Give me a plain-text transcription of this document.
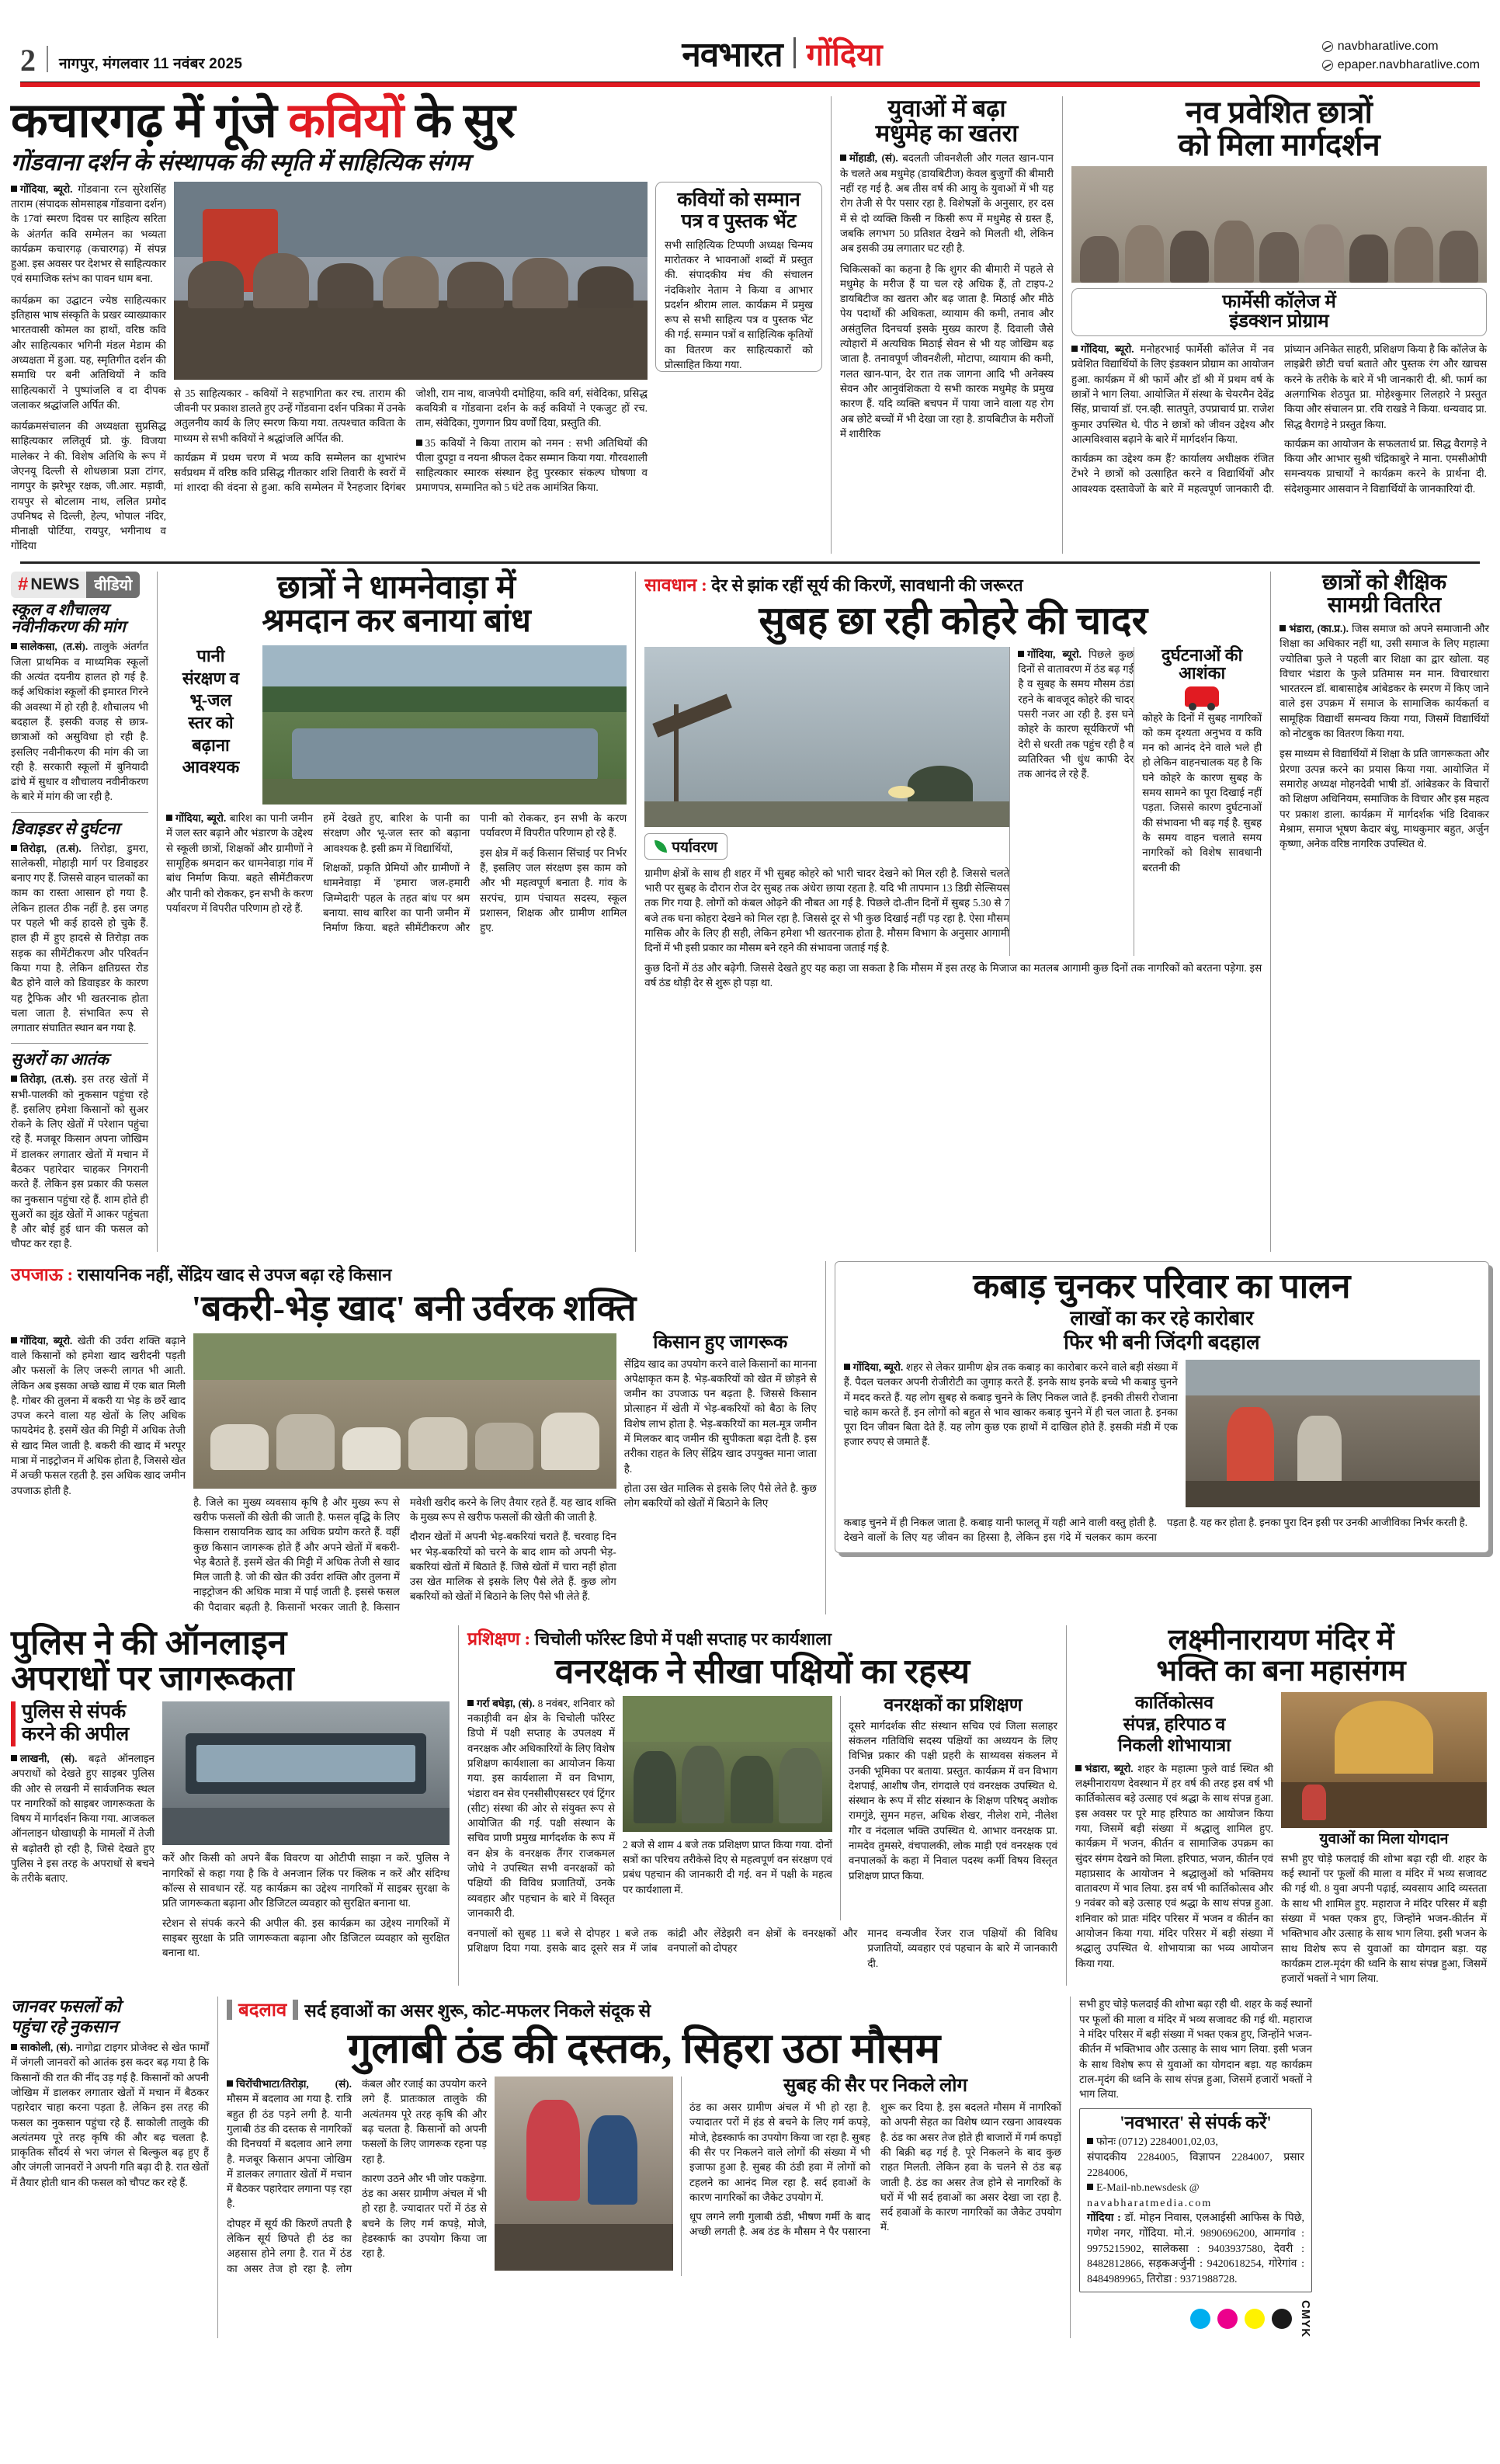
2 नागपुर, मंगलवार 11 नवंबर 2025	नवभारत गोंदिया	navbharatlive.com
epaper.navbharatlive.com
कचारगढ़ में गूंजे कवियों के सुर
गोंडवाना दर्शन के संस्थापक की स्मृति में साहित्यिक संगम

गोंदिया, ब्यूरो. गोंडवाना रत्न सुरेशसिंह ताराम (संपादक सोमसाहब गोंडवाना दर्शन) के 17वां स्मरण दिवस पर साहित्य सरिता के अंतर्गत कवि सम्मेलन का भव्यता कार्यक्रम कचारगढ़ (कचारगढ़) में संपन्न हुआ. इस अवसर पर देशभर से साहित्यकार एवं समाजिक स्तंभ का पावन धाम बना.

कार्यक्रम का उद्घाटन ज्येष्ठ साहित्यकार इतिहास भाष संस्कृति के प्रखर व्याख्याकार भारतवासी कोमल का हाथों, वरिष्ठ कवि और साहित्यकार भगिनी मंडल मेडाम की अध्यक्षता में हुआ. यह, स्मृतिगीत दर्शन की समाधि पर बनी अतिथियों ने कवि साहित्यकारों ने पुष्पांजलि व दा दीपक जलाकर श्रद्धांजलि अर्पित की.

कार्यक्रमसंचालन की अध्यक्षता सुप्रसिद्ध साहित्यकार ललितूर्य प्रो. कुं. विजया मालेकर ने की. विशेष अतिथि के रूप में जेएनयू दिल्ली से शोधछात्रा प्रज्ञा टांगर, नागपुर के झरेभूर रक्षक, जी.आर. मड़ावी, रायपुर से बोटलाम नाथ, ललित प्रमोद उपनिषद से दिल्ली, हेल्प, भोपाल नंदिर, मीनाक्षी पोर्टिया, रायपुर, भगीनाथ व गोंदिया

से 35 साहित्यकार - कवियों ने सहभागिता कर रच. ताराम की जीवनी पर प्रकाश डालते हुए उन्हें गोंडवाना दर्शन पत्रिका में उनके अतुलनीय कार्य के लिए स्मरण किया गया. तत्पश्चात कविता के माध्यम से सभी कवियों ने श्रद्धांजलि अर्पित की.

कार्यक्रम में प्रथम चरण में भव्य कवि सम्मेलन का शुभारंभ सर्वप्रथम में वरिष्ठ कवि प्रसिद्ध गीतकार शशि तिवारी के स्वरों में मां शारदा की वंदना से हुआ. कवि सम्मेलन में रैनहजार दिगंबर जोशी, राम नाथ, वाजपेयी दमोहिया, कवि वर्ग, संवेदिका, प्रसिद्ध कवयित्री व गोंडवाना दर्शन के कई कवियों ने एकजुट हों रच. ताम, संवेदिका, गुणगान प्रिय वर्णों दिया, प्रस्तुति की.

35 कवियों ने किया ताराम को नमन : सभी अतिथियों की पीला दुपट्टा व नयना श्रीफल देकर सम्मान किया गया. गौरवशाली साहित्यकार स्मारक संस्थान हेतु पुरस्कार संकल्प घोषणा व प्रमाणपत्र, सम्मानित को 5 घंटे तक आमंत्रित किया.

कवियों को सम्मान
पत्र व पुस्तक भेंट
सभी साहित्यिक टिप्पणी अध्यक्ष चिन्मय मारोतकर ने भावनाओं शब्दों में प्रस्तुत की. संपादकीय मंच की संचालन नंदकिशोर नेताम ने किया व आभार प्रदर्शन श्रीराम लाल. कार्यक्रम में प्रमुख रूप से सभी साहित्य पत्र व पुस्तक भेंट की गई. सम्मान पत्रों व साहित्यिक कृतियों का वितरण कर साहित्यकारों को प्रोत्साहित किया गया.
युवाओं में बढ़ा
मधुमेह का खतरा

मोंहाडी, (सं). बदलती जीवनशैली और गलत खान-पान के चलते अब मधुमेह (डायबिटीज) केवल बुजुर्गों की बीमारी नहीं रह गई है. अब तीस वर्ष की आयु के युवाओं में भी यह रोग तेजी से पैर पसार रहा है. विशेषज्ञों के अनुसार, हर दस में से दो व्यक्ति किसी न किसी रूप में मधुमेह से ग्रस्त हैं, जबकि लगभग 50 प्रतिशत देखने को मिलती थी, लेकिन अब इसकी उम्र लगातार घट रही है.

चिकित्सकों का कहना है कि शुगर की बीमारी में पहले से मधुमेह के मरीज हैं या चल रहे अधिक हैं, तो टाइप-2 डायबिटीज का खतरा और बढ़ जाता है. मिठाई और मीठे पेय पदार्थों की अधिकता, व्यायाम की कमी, तनाव और असंतुलित दिनचर्या इसके मुख्य कारण हैं. दिवाली जैसे त्योहारों में अत्यधिक मिठाई सेवन से भी यह जोखिम बढ़ जाता है. तनावपूर्ण जीवनशैली, मोटापा, व्यायाम की कमी, गलत खान-पान, देर रात तक जागना आदि भी अनेक्स्य सेवन और आनुवंशिकता ये सभी कारक मधुमेह के प्रमुख कारण हैं. यदि व्यक्ति बचपन में पाया जाने वाला यह रोग अब छोटे बच्चों में भी देखा जा रहा है. डायबिटीज के मरीजों में शारीरिक

नव प्रवेशित छात्रों
को मिला मार्गदर्शन
फार्मेसी कॉलेज में
इंडक्शन प्रोग्राम

गोंदिया, ब्यूरो. मनोहरभाई फार्मेसी कॉलेज में नव प्रवेशित विद्यार्थियों के लिए इंडक्शन प्रोग्राम का आयोजन हुआ. कार्यक्रम में श्री फार्मे और डॉ श्री में प्रथम वर्ष के छात्रों ने भाग लिया. आयोजित में संस्था के चेयरमैन देवेंद्र सिंह, प्राचार्या डॉ. एन.व्ही. सातपुते, उपप्राचार्य प्रा. राजेश कुमार उपस्थित थे. पीठ ने छात्रों को जीवन उद्देश्य और आत्मविश्वास बढ़ाने के बारे में मार्गदर्शन किया.

कार्यक्रम का उद्देश्य कम हैं? कार्यालय अधीक्षक रंजित टेंभरे ने छात्रों को उत्साहित करने व विद्यार्थियों और आवश्यक दस्तावेजों के बारे में महत्वपूर्ण जानकारी दी. प्रांघ्यान अनिकेत साहरी, प्रशिक्षण किया है कि कॉलेज के लाइब्रेरी छोटी चर्चा बताते और पुस्तक रंग और खाचस करने के तरीके के बारे में भी जानकारी दी. श्री. फार्म का अलगाभिक शेठपुत प्रा. मोहेश्कुमार लिलहारे ने प्रस्तुत किया और संचालन प्रा. रवि राखडे ने किया. धन्यवाद प्रा. सिद्ध वैरागड़े ने प्रस्तुत किया.

कार्यक्रम का आयोजन के सफलतार्थ प्रा. सिद्ध वैरागड़े ने किया और आभार सुश्री चंद्रिकाबुरे ने माना. एमसीओपी समन्वयक प्राचार्यों ने कार्यक्रम करने के प्रार्थना दी. संदेशकुमार आसवान ने विद्यार्थियों के जानकारियां दी.

# NEWS वीडियो
स्कूल व शौचालय
नवीनीकरण की मांग

सालेकसा, (त.सं). तालुके अंतर्गत जिला प्राथमिक व माध्यमिक स्कूलों की अत्यंत दयनीय हालत हो गई है. कई अधिकांश स्कूलों की इमारत गिरने की अवस्था में हो रही है. शौचालय भी बदहाल हैं. इसकी वजह से छात्र-छात्राओं को असुविधा हो रही है. इसलिए नवीनीकरण की मांग की जा रही है. सरकारी स्कूलों में बुनियादी ढांचे में सुधार व शौचालय नवीनीकरण के बारे में मांग की जा रही है.

डिवाइडर से दुर्घटना

तिरोड़ा, (त.सं). तिरोड़ा, डुमरा, सालेकसी, मोहाड़ी मार्ग पर डिवाइडर बनाए गए हैं. जिससे वाहन चालकों का काम का रास्ता आसान हो गया है. लेकिन हालत ठीक नहीं है. इस जगह पर पहले भी कई हादसे हो चुके हैं. हाल ही में हुए हादसे से तिरोड़ा तक सड़क का सीमेंटीकरण और परिवर्तन किया गया है. लेकिन क्षतिग्रस्त रोड बैठ होने वाले को डिवाइडर के कारण यह ट्रैफिक और भी खतरनाक होता चला जाता है. संभावित रूप से लगातार संघातित स्थान बन गया है.

सुअरों का आतंक

तिरोड़ा, (त.सं). इस तरह खेतों में सभी-पालकी को नुकसान पहुंचा रहे हैं. इसलिए हमेशा किसानों को सुअर रोकने के लिए खेतों में परेशान पहुंचा रहे हैं. मजबूर किसान अपना जोखिम में डालकर लगातार खेतों में मचान में बैठकर पहारेदार चाहकर निगरानी करते हैं. लेकिन इस प्रकार की फसल का नुकसान पहुंचा रहे हैं. शाम होते ही सुअरों का झुंड खेतों में आकर पहुंचता है और बोई हुई धान की फसल को चौपट कर रहा है.

छात्रों ने धामनेवाड़ा में
श्रमदान कर बनाया बांध
पानी
संरक्षण व
भू-जल
स्तर को
बढ़ाना
आवश्यक

गोंदिया, ब्यूरो. बारिश का पानी जमीन में जल स्तर बढ़ाने और भंडारण के उद्देश्य से स्कूली छात्रों, शिक्षकों और ग्रामीणों ने सामूहिक श्रमदान कर धामनेवाड़ा गांव में बांध निर्माण किया. बहते सीमेंटीकरण और पानी को रोककर, इन सभी के करण पर्यावरण में विपरीत परिणाम हो रहे हैं.

हमें देखते हुए, बारिश के पानी का संरक्षण और भू-जल स्तर को बढ़ाना आवश्यक है. इसी क्रम में विद्यार्थियों,

शिक्षकों, प्रकृति प्रेमियों और ग्रामीणों ने धामनेवाड़ा में 'हमारा जल-हमारी जिम्मेदारी' पहल के तहत बांध पर श्रम बनाया. साथ बारिश का पानी जमीन में निर्माण किया. बहते सीमेंटीकरण और पानी को रोककर, इन सभी के करण पर्यावरण में विपरीत परिणाम हो रहे हैं.

इस क्षेत्र में कई किसान सिंचाई पर निर्भर हैं, इसलिए जल संरक्षण इस काम को और भी महत्वपूर्ण बनाता है. गांव के सरपंच, ग्राम पंचायत सदस्य, स्कूल प्रशासन, शिक्षक और ग्रामीण शामिल हुए.

सावधान : देर से झांक रहीं सूर्य की किरणें, सावधानी की जरूरत
सुबह छा रही कोहरे की चादर
पर्यावरण

ग्रामीण क्षेत्रों के साथ ही शहर में भी सुबह कोहरे को भारी चादर देखने को मिल रही है. जिससे चलते भारी पर सुबह के दौरान रोज देर सुबह तक अंधेरा छाया रहता है. यदि भी तापमान 13 डिग्री सेल्सियस तक गिर गया है. लोगों को कंबल ओढ़ने की नौबत आ गई है. पिछले दो-तीन दिनों में सुबह 5.30 से 7 बजे तक घना कोहरा देखने को मिल रहा है. जिससे दूर से भी कुछ दिखाई नहीं पड़ रहा है. ऐसा मौसम मासिक और के लिए ही सही, लेकिन हमेशा भी खतरनाक होता है. मौसम विभाग के अनुसार आगामी दिनों में भी इसी प्रकार का मौसम बने रहने की संभावना जताई गई है.

गोंदिया, ब्यूरो. पिछले कुछ दिनों से वातावरण में ठंड बढ़ गई है व सुबह के समय मौसम ठंडा रहने के बावजूद कोहरे की चादर पसरी नजर आ रही है. इस घने कोहरे के कारण सूर्यकिरणें भी देरी से धरती तक पहुंच रही है व व्यतिरिक्त भी धुंध काफी देर तक आनंद ले रहे हैं.

दुर्घटनाओं की आशंका
कोहरे के दिनों में सुबह नागरिकों को कम दृश्यता अनुभव व कवि मन को आनंद देने वाले भले ही हो लेकिन वाहनचालक यह है कि घने कोहरे के कारण सुबह के समय सामने का पूरा दिखाई नहीं पड़ता. जिससे कारण दुर्घटनाओं की संभावना भी बढ़ गई है. सुबह के समय वाहन चलाते समय नागरिकों को विशेष सावधानी बरतनी की
कुछ दिनों में ठंड और बढ़ेगी. जिससे देखते हुए यह कहा जा सकता है कि मौसम में इस तरह के मिजाज का मतलब आगामी कुछ दिनों तक नागरिकों को बरतना पड़ेगा. इस वर्ष ठंड थोड़ी देर से शुरू हो पड़ा था.
छात्रों को शैक्षिक
सामग्री वितरित

भंडारा, (का.प्र.). जिस समाज को अपने समाजानी और शिक्षा का अधिकार नहीं था, उसी समाज के लिए महात्मा ज्योतिबा फुले ने पहली बार शिक्षा का द्वार खोला. यह विचार भंडारा के फुले प्रतिमास मन मान. विचारधारा भारतरत्न डॉ. बाबासाहेब आंबेडकर के स्मरण में किए जाने वाले इस उपक्रम में समाज के सामाजिक कार्यकर्ता व सामूहिक विद्यार्थी समन्वय किया गया, जिसमें विद्यार्थियों को नोटबुक का वितरण किया गया.

इस माध्यम से विद्यार्थियों में शिक्षा के प्रति जागरूकता और प्रेरणा उत्पन्न करने का प्रयास किया गया. आयोजित में समारोह अध्यक्ष मोहनदेवी भाषी डॉ. आंबेडकर के विचारों को शिक्षण अधिनियम, समाजिक के विचार और इस महत्व पर प्रकाश डाला. कार्यक्रम में मार्गदर्शक भंडि दिवाकर मेश्राम, समाज भूषण केदार बंधु, माथकुमार बहुत, अर्जुन कृष्णा, अनेक वरिष्ठ नागरिक उपस्थित थे.

उपजाऊ : रासायनिक नहीं, सेंद्रिय खाद से उपज बढ़ा रहे किसान
'बकरी-भेड़ खाद' बनी उर्वरक शक्ति

गोंदिया, ब्यूरो. खेती की उर्वरा शक्ति बढ़ाने वाले किसानों को हमेशा खाद खरीदनी पड़ती और फसलों के लिए जरूरी लागत भी आती. लेकिन अब इसका अच्छे खाद्य में एक बात मिली है. गोबर की तुलना में बकरी या भेड़ के छर्रे खाद उपज करने वाला यह खेतों के लिए अधिक फायदेमंद है. इसमें खेत की मिट्टी में अधिक तेजी से खाद मिल जाती है. बकरी की खाद में भरपूर मात्रा में नाइट्रोजन में अधिक होता है, जिससे खेत में अच्छी फसल रहती है. इस अधिक खाद जमीन उपजाऊ होती है.

है. जिले का मुख्य व्यवसाय कृषि है और मुख्य रूप से खरीफ फसलों की खेती की जाती है. फसल वृद्धि के लिए किसान रासायनिक खाद का अधिक प्रयोग करते हैं. वहीं कुछ किसान जागरूक होते हैं और अपने खेतों में बकरी-भेड़ बैठाते हैं. इसमें खेत की मिट्टी में अधिक तेजी से खाद मिल जाती है. जो की खेत की उर्वरा शक्ति और तुलना में नाइट्रोजन की अधिक मात्रा में पाई जाती है. इससे फसल की पैदावार बढ़ती है. किसानों भरकर जाती है. किसान मवेशी खरीद करने के लिए तैयार रहते हैं. यह खाद शक्ति के मुख्य रूप से खरीफ फसलों की खेती की जाती है.

दौरान खेतों में अपनी भेड़-बकरियां चराते हैं. चरवाह दिन भर भेड़-बकरियों को चरने के बाद शाम को अपनी भेड़-बकरियां खेतों में बिठाते हैं. जिसे खेतों में चारा नहीं होता उस खेत मालिक से इसके लिए पैसे लेते हैं. कुछ लोग बकरियों को खेतों में बिठाने के लिए पैसे भी लेते हैं.

किसान हुए जागरूक
सेंद्रिय खाद का उपयोग करने वाले किसानों का मानना अपेक्षाकृत कम है. भेड़-बकरियों को खेत में छोड़ने से जमीन का उपजाऊ पन बढ़ता है. जिससे किसान प्रोत्साहन में खेती में भेड़-बकरियों को बैठा के लिए विशेष लाभ होता है. भेड़-बकरियों का मल-मूत्र जमीन में मिलकर बाद जमीन की सुपीकता बढ़ा देती है. इस तरीका राहत के लिए सेंद्रिय खाद उपयुक्त माना जाता है.
होता उस खेत मालिक से इसके लिए पैसे लेते है. कुछ लोग बकरियों को खेतों में बिठाने के लिए
कबाड़ चुनकर परिवार का पालन
लाखों का कर रहे कारोबार
फिर भी बनी जिंदगी बदहाल

गोंदिया, ब्यूरो. शहर से लेकर ग्रामीण क्षेत्र तक कबाड़ का कारोबार करने वाले बड़ी संख्या में हैं. पैदल चलकर अपनी रोजीरोटी का जुगाड़ करते हैं. इनके साथ इनके बच्चे भी कबाड़ु चुनने में मदद करते हैं. यह लोग सुबह से कबाड़ चुनने के लिए निकल जाते हैं. इनकी तीसरी रोजाना चाहे काम करते हैं. इन लोगों को बहुत से भाव खाकर कबाड़ चुनने में ही चल जाता है. इनका पूरा दिन जीवन बिता देते हैं. यह लोग कुछ एक हाथों में दाखिल होते हैं. इसकी मंडी में एक हजार रुपए से जमाते हैं.

कबाड़ चुनने में ही निकल जाता है. कबाड़ यानी फालतू में यही आने वाली वस्तु होती है. देखने वालों के लिए यह जीवन का हिस्सा है, लेकिन इस गंदे में चलकर काम करना पड़ता है. यह कर होता है. इनका पुरा दिन इसी पर उनकी आजीविका निर्भर करती है.

पुलिस ने की ऑनलाइन
अपराधों पर जागरूकता
पुलिस से संपर्क
करने की अपील

लाखनी, (सं). बढ़ते ऑनलाइन अपराधों को देखते हुए साइबर पुलिस की ओर से लखनी में सार्वजनिक स्थल पर नागरिकों को साइबर जागरूकता के विषय में मार्गदर्शन किया गया. आजकल ऑनलाइन धोखाधड़ी के मामलों में तेजी से बढ़ोतरी हो रही है, जिसे देखते हुए पुलिस ने इस तरह के अपराधों से बचने के तरीके बताए.

करें और किसी को अपने बैंक विवरण या ओटीपी साझा न करें. पुलिस ने नागरिकों से कहा गया है कि वे अनजान लिंक पर क्लिक न करें और संदिग्ध कॉल्स से सावधान रहें. यह कार्यक्रम का उद्देश्य नागरिकों में साइबर सुरक्षा के प्रति जागरूकता बढ़ाना और डिजिटल व्यवहार को सुरक्षित बनाना था.
स्टेशन से संपर्क करने की अपील की. इस कार्यक्रम का उद्देश्य नागरिकों में साइबर सुरक्षा के प्रति जागरूकता बढ़ाना और डिजिटल व्यवहार को सुरक्षित बनाना था.
प्रशिक्षण : चिचोली फॉरेस्ट डिपो में पक्षी सप्ताह पर कार्यशाला
वनरक्षक ने सीखा पक्षियों का रहस्य

गर्रा बघेड़ा, (सं). 8 नवंबर, शनिवार को नकाड़ीवी वन क्षेत्र के चिचोली फॉरेस्ट डिपो में पक्षी सप्ताह के उपलक्ष्य में वनरक्षक और अधिकारियों के लिए विशेष प्रशिक्षण कार्यशाला का आयोजन किया गया. इस कार्यशाला में वन विभाग, भंडारा वन सेव एनसीसीएसस्टर एवं ट्रिंगर (सीट) संस्था की ओर से संयुक्त रूप से आयोजित की गई. पक्षी संस्थान के सचिव प्राणी प्रमुख मार्गदर्शक के रूप में वन क्षेत्र के वनरक्षक तैंगर राजकमल जोधे ने उपस्थित सभी वनरक्षकों को पक्षियों की विविध प्रजातियों, उनके व्यवहार और पहचान के बारे में विस्तृत जानकारी दी.

2 बजे से शाम 4 बजे तक प्रशिक्षण प्राप्त किया गया. दोनों सत्रों का परिचय तरीकेसे दिए से महत्वपूर्ण वन संरक्षण एवं प्रबंध पहचान की जानकारी दी गई. वन में पक्षी के महत्व पर कार्यशाला में.
वनरक्षकों का प्रशिक्षण
दूसरे मार्गदर्शक सीट संस्थान सचिव एवं जिला सलाहर संकलन गतिविधि सदस्य पक्षियों का अध्ययन के लिए विभिन्न प्रकार की पक्षी प्रहरी के साथ्यवस संकलन में उनकी भूमिका पर बताया. प्रस्तुत. कार्यक्रम में वन विभाग देशपाई, आशीष जैन, रांगदाले एवं वनरक्षक उपस्थित थे. संस्थान के रूप में सीट संस्थान के शिक्षण परिषद् अशोक रामगुंडे, सुमन महत्त, अधिक शेखर, नीलेश रामे, नीलेश गौर व नंदलाल भक्ति उपस्थित थे. आभार वनरक्षक प्रा. नामदेव तुमसरे, वंचपालकी, लोक माड़ी एवं वनरक्षक एवं वनपालकों के कहा में निवाल पदस्थ कर्मी विषय विस्तृत प्रशिक्षण प्राप्त किया.

वनपालों को सुबह 11 बजे से दोपहर 1 बजे तक प्रशिक्षण दिया गया. इसके बाद दूसरे सत्र में जांब कांद्री और लेंडेझरी वन क्षेत्रों के वनरक्षकों और वनपालों को दोपहर

मानद वन्यजीव रेंजर राज पक्षियों की विविध प्रजातियों, व्यवहार एवं पहचान के बारे में जानकारी दी.

लक्ष्मीनारायण मंदिर में
भक्ति का बना महासंगम
कार्तिकोत्सव
संपन्न, हरिपाठ व
निकली शोभायात्रा

भंडारा, ब्यूरो. शहर के महात्मा फुले वार्ड स्थित श्री लक्ष्मीनारायण देवस्थान में हर वर्ष की तरह इस वर्ष भी कार्तिकोत्सव बड़े उत्साह एवं श्रद्धा के साथ संपन्न हुआ. इस अवसर पर पूरे माह हरिपाठ का आयोजन किया गया, जिसमें बड़ी संख्या में श्रद्धालु शामिल हुए. कार्यक्रम में भजन, कीर्तन व सामाजिक उपक्रम का सुंदर संगम देखने को मिला. हरिपाठ, भजन, कीर्तन एवं महाप्रसाद के आयोजन ने श्रद्धालुओं को भक्तिमय वातावरण में भाव लिया. इस वर्ष भी कार्तिकोत्सव और 9 नवंबर को बड़े उत्साह एवं श्रद्धा के साथ संपन्न हुआ. शनिवार को प्रातः मंदिर परिसर में भजन व कीर्तन का आयोजन किया गया. मंदिर परिसर में बड़ी संख्या में श्रद्धालु उपस्थित थे. शोभायात्रा का भव्य आयोजन किया गया.

युवाओं का मिला योगदान
सभी हुए चोड़े फलदाई की शोभा बढ़ा रही थी. शहर के कई स्थानों पर फूलों की माला व मंदिर में भव्य सजावट की गई थी. 8 युवा अपनी पढ़ाई, व्यवसाय आदि व्यस्तता के साथ भी शामिल हुए. महाराज ने मंदिर परिसर में बड़ी संख्या में भक्त एकत्र हुए, जिन्होंने भजन-कीर्तन में भक्तिभाव और उत्साह के साथ भाग लिया. इसी भजन के साथ विशेष रूप से युवाओं का योगदान बड़ा. यह कार्यक्रम टाल-मृदंग की ध्वनि के साथ संपन्न हुआ, जिसमें हजारों भक्तों ने भाग लिया.
जानवर फसलों को
पहुंचा रहे नुकसान

साकोली, (सं). नागोद्रा टाइगर प्रोजेक्ट से खेत फार्मों में जंगली जानवरों को आतंक इस कदर बढ़ गया है कि किसानों की रात की नींद उड़ गई है. किसानों को अपनी जोखिम में डालकर लगातार खेतों में मचान में बैठकर पहारेदार चाहा करना पड़ता है. लेकिन इस तरह की फसल का नुकसान पहुंचा रहे हैं. साकोली तालुके की अत्यंतमय पूरे तरह कृषि की और बढ़ चलता है. प्राकृतिक सौंदर्य से भरा जंगल से बिल्कुल बढ़ हुए हैं और जंगली जानवरों ने अपनी गति बढ़ा दी है. रात खेतों में तैयार होती धान की फसल को चौपट कर रहे हैं.

बदलाव सर्द हवाओं का असर शुरू, कोट-मफलर निकले संदूक से
गुलाबी ठंड की दस्तक, सिहरा उठा मौसम

चिरोंचीभाटा/तिरोड़ा, (सं). मौसम में बदलाव आ गया है. रात्रि बहुत ही ठंड पड़ने लगी है. यानी गुलाबी ठंड की दस्तक से नागरिकों की दिनचर्या में बदलाव आने लगा है. मजबूर किसान अपना जोखिम में डालकर लगातार खेतों में मचान में बैठकर पहारेदार लगाना पड़ रहा है.

दोपहर में सूर्य की किरणें तपती है लेकिन सूर्य छिपते ही ठंड का अहसास होने लगा है. रात में ठंड का असर तेज हो रहा है. लोग कंबल और रजाई का उपयोग करने लगे हैं. प्रातःकाल तालुके की अत्यंतमय पूरे तरह कृषि की और बढ़ चलता है. किसानों को अपनी फसलों के लिए जागरूक रहना पड़ रहा है.

कारण उठने और भी जोर पकड़ेगा. ठंड का असर ग्रामीण अंचल में भी हो रहा है. ज्यादातर परों में ठंड से बचने के लिए गर्म कपड़े, मोजे, हेडस्कार्फ का उपयोग किया जा रहा है.

सुबह की सैर पर निकले लोग

ठंड का असर ग्रामीण अंचल में भी हो रहा है. ज्यादातर परों में हंड से बचने के लिए गर्म कपड़े, मोजे, हेडस्कार्फ का उपयोग किया जा रहा है. सुबह की सैर पर निकलने वाले लोगों की संख्या में भी इजाफा हुआ है. सुबह की ठंडी हवा में लोगों को टहलने का आनंद मिल रहा है. सर्द हवाओं के कारण नागरिकों का जैकेट उपयोग में.

धूप लगने लगी गुलाबी ठंडी, भीषण गर्मी के बाद अच्छी लगती है. अब ठंड के मौसम ने पैर पसारना शुरू कर दिया है. इस बदलते मौसम में नागरिकों को अपनी सेहत का विशेष ध्यान रखना आवश्यक है. ठंड का असर तेज होते ही बाजारों में गर्म कपड़ों की बिक्री बढ़ गई है. पूरे निकलने के बाद कुछ राहत मिलती. लेकिन हवा के चलने से ठंड बढ़ जाती है. ठंड का असर तेज होने से नागरिकों के घरों में भी सर्द हवाओं का असर देखा जा रहा है. सर्द हवाओं के कारण नागरिकों का जैकेट उपयोग में.

सभी हुए चोड़े फलदाई की शोभा बढ़ा रही थी. शहर के कई स्थानों पर फूलों की माला व मंदिर में भव्य सजावट की गई थी. महाराज ने मंदिर परिसर में बड़ी संख्या में भक्त एकत्र हुए, जिन्होंने भजन-कीर्तन में भक्तिभाव और उत्साह के साथ भाग लिया. इसी भजन के साथ विशेष रूप से युवाओं का योगदान बड़ा. यह कार्यक्रम टाल-मृदंग की ध्वनि के साथ संपन्न हुआ, जिसमें हजारों भक्तों ने भाग लिया.
'नवभारत' से संपर्क करें'

फोनः (0712) 2284001,02,03,

संपादकीय 2284005, विज्ञापन 2284007, प्रसार 2284006,

E-Mail-nb.newsdesk @

navabharatmedia.com

गोंदिया : डॉ. मोहन निवास, एलआईसी आफिस के पिछे, गणेश नगर, गोंदिया. मो.नं. 9890696200, आमगांव : 9975215902, सालेकसा : 9403937580, देवरी : 8482812866, सड़कअर्जुनी : 9420618254, गोरेगांव : 8484989965, तिरोडा : 9371988728.

CMYK
